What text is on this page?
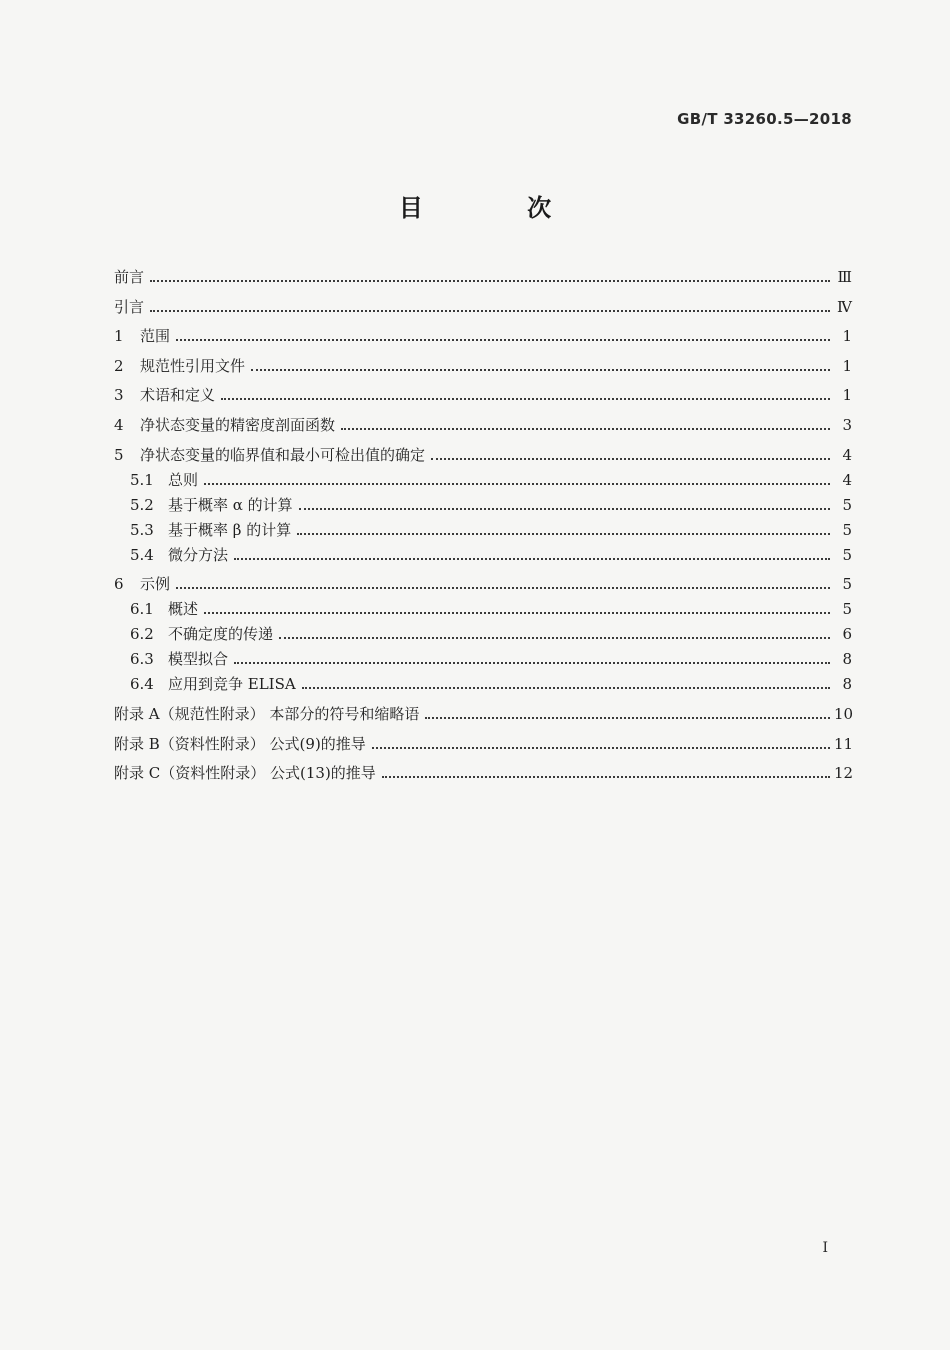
GB/T 33260.5—2018
目 次
前言	Ⅲ
引言	Ⅳ
1	范围	1
2	规范性引用文件	1
3	术语和定义	1
4	净状态变量的精密度剖面函数	3
5	净状态变量的临界值和最小可检出值的确定	4
5.1 总则	4
5.2 基于概率 α 的计算	5
5.3 基于概率 β 的计算	5
5.4 微分方法	5
6	示例	5
6.1 概述	5
6.2 不确定度的传递	6
6.3 模型拟合	8
6.4 应用到竞争 ELISA	8
附录 A（规范性附录） 本部分的符号和缩略语	10
附录 B（资料性附录） 公式(9)的推导	11
附录 C（资料性附录） 公式(13)的推导	12
Ⅰ
